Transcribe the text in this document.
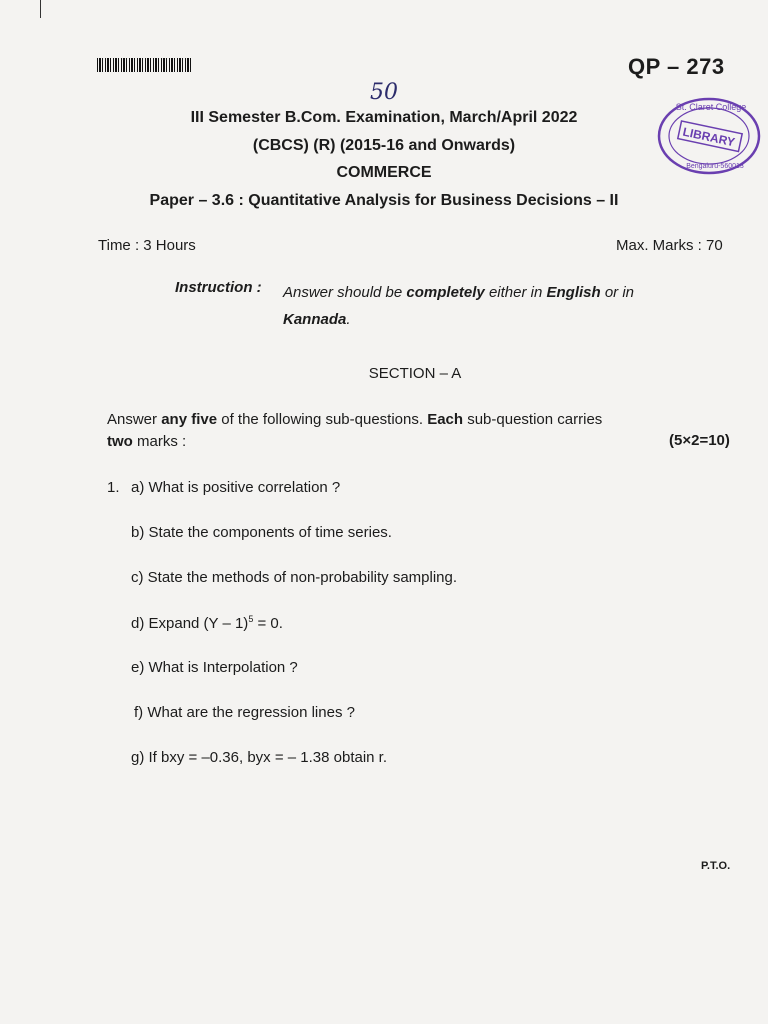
QP – 273
50
III Semester B.Com. Examination, March/April 2022
(CBCS) (R) (2015-16 and Onwards)
COMMERCE
Paper – 3.6 : Quantitative Analysis for Business Decisions – II
LIBRARY
St. Claret College
Bengaluru-560013
Time : 3 Hours	Max. Marks : 70
Instruction : Answer should be completely either in English or in
Kannada.
SECTION – A
Answer any five of the following sub-questions. Each sub-question carries
two marks :	(5×2=10)
1. a) What is positive correlation ?
b) State the components of time series.
c) State the methods of non-probability sampling.
d) Expand (Y – 1)$^5$ = 0.
e) What is Interpolation ?
f) What are the regression lines ?
g) If bxy = –0.36, byx = – 1.38 obtain r.
P.T.O.
